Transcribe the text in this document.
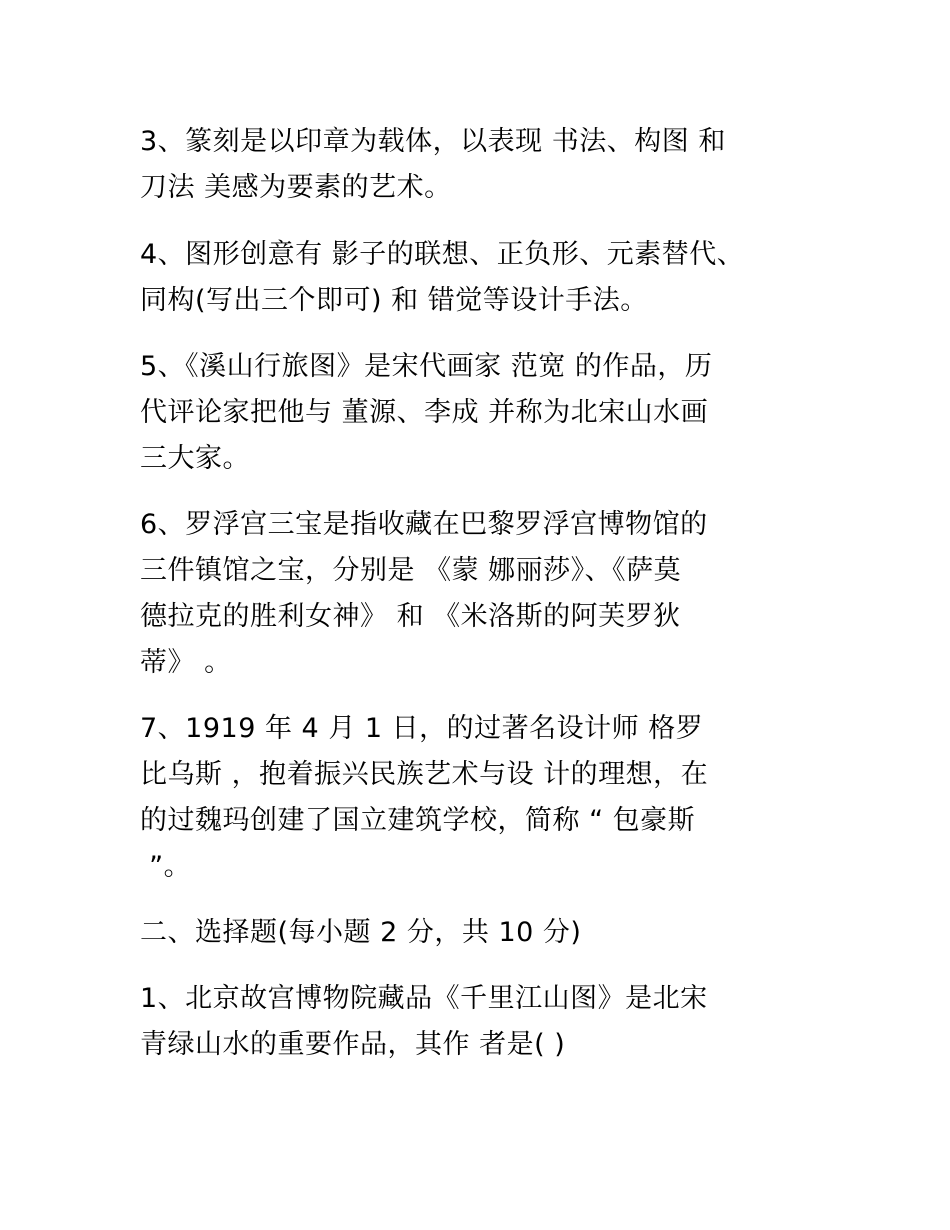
3、篆刻是以印章为载体，以表现 书法、构图 和
刀法 美感为要素的艺术。
4、图形创意有 影子的联想、正负形、元素替代、
同构(写出三个即可) 和 错觉等设计手法。
5、《溪山行旅图》是宋代画家 范宽 的作品，历
代评论家把他与 董源、李成 并称为北宋山水画
三大家。
6、罗浮宫三宝是指收藏在巴黎罗浮宫博物馆的
三件镇馆之宝，分别是 《蒙 娜丽莎》、《萨莫
德拉克的胜利女神》 和 《米洛斯的阿芙罗狄
蒂》 。
7、1919 年 4 月 1 日，的过著名设计师 格罗
比乌斯 ，抱着振兴民族艺术与设 计的理想，在
的过魏玛创建了国立建筑学校，简称 “ 包豪斯
”。
二、选择题(每小题 2 分，共 10 分)
1、北京故宫博物院藏品《千里江山图》是北宋
青绿山水的重要作品，其作 者是( )
